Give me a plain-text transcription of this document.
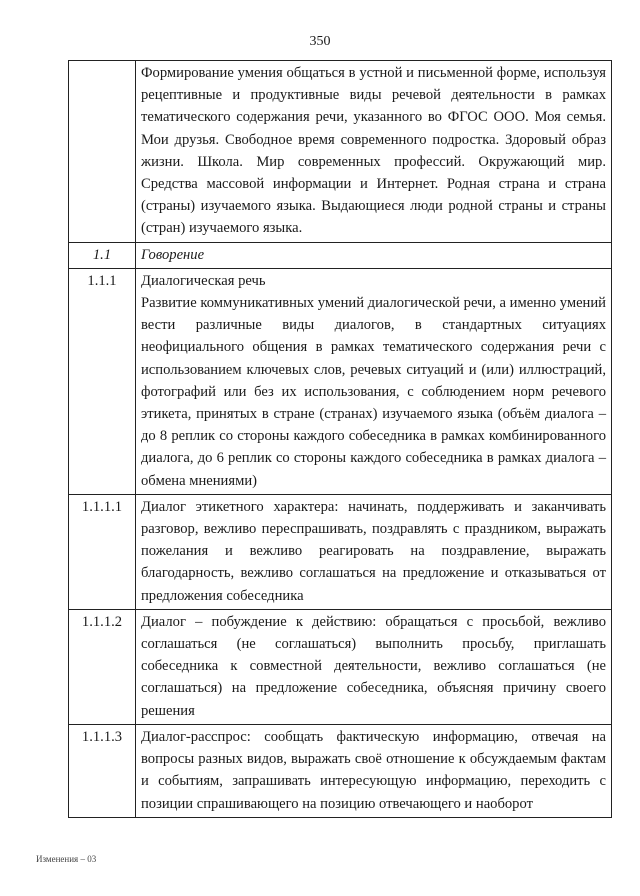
350
	Формирование умения общаться в устной и письменной форме, используя рецептивные и продуктивные виды речевой деятельности в рамках тематического содержания речи, указанного во ФГОС ООО. Моя семья. Мои друзья. Свободное время современного подростка. Здоровый образ жизни. Школа. Мир современных профессий. Окружающий мир. Средства массовой информации и Интернет. Родная страна и страна (страны) изучаемого языка. Выдающиеся люди родной страны и страны (стран) изучаемого языка.
1.1	Говорение
1.1.1	Диалогическая речь
Развитие коммуникативных умений диалогической речи, а именно умений вести различные виды диалогов, в стандартных ситуациях неофициального общения в рамках тематического содержания речи с использованием ключевых слов, речевых ситуаций и (или) иллюстраций, фотографий или без их использования, с соблюдением норм речевого этикета, принятых в стране (странах) изучаемого языка (объём диалога – до 8 реплик со стороны каждого собеседника в рамках комбинированного диалога, до 6 реплик со стороны каждого собеседника в рамках диалога – обмена мнениями)

1.1.1.1	Диалог этикетного характера: начинать, поддерживать и заканчивать разговор, вежливо переспрашивать, поздравлять с праздником, выражать пожелания и вежливо реагировать на поздравление, выражать благодарность, вежливо соглашаться на предложение и отказываться от предложения собеседника
1.1.1.2	Диалог – побуждение к действию: обращаться с просьбой, вежливо соглашаться (не соглашаться) выполнить просьбу, приглашать собеседника к совместной деятельности, вежливо соглашаться (не соглашаться) на предложение собеседника, объясняя причину своего решения
1.1.1.3	Диалог-расспрос: сообщать фактическую информацию, отвечая на вопросы разных видов, выражать своё отношение к обсуждаемым фактам и событиям, запрашивать интересующую информацию, переходить с позиции спрашивающего на позицию отвечающего и наоборот
Изменения – 03
